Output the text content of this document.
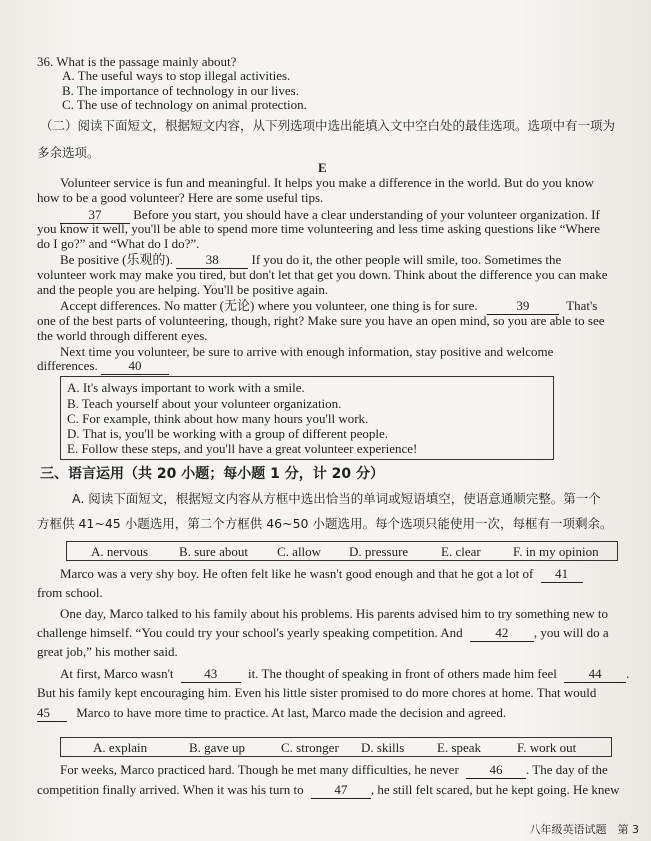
36. What is the passage mainly about?
A. The useful ways to stop illegal activities.
B. The importance of technology in our lives.
C. The use of technology on animal protection.
（二）阅读下面短文，根据短文内容，从下列选项中选出能填入文中空白处的最佳选项。选项中有一项为
多余选项。
E
Volunteer service is fun and meaningful. It helps you make a difference in the world. But do you know
how to be a good volunteer? Here are some useful tips.
37 Before you start, you should have a clear understanding of your volunteer organization. If
you know it well, you'll be able to spend more time volunteering and less time asking questions like “Where
do I go?” and “What do I do?”.
Be positive (乐观的).	38	If you do it, the other people will smile, too. Sometimes the
volunteer work may make you tired, but don't let that get you down. Think about the difference you can make
and the people you are helping. You'll be positive again.
Accept differences. No matter (无论) where you volunteer, one thing is for sure.	39	That's
one of the best parts of volunteering, though, right? Make sure you have an open mind, so you are able to see
the world through different eyes.
Next time you volunteer, be sure to arrive with enough information, stay positive and welcome
differences. 40
A. It's always important to work with a smile.
B. Teach yourself about your volunteer organization.
C. For example, think about how many hours you'll work.
D. That is, you'll be working with a group of different people.
E. Follow these steps, and you'll have a great volunteer experience!
三、语言运用（共 20 小题；每小题 1 分，计 20 分）
A. 阅读下面短文，根据短文内容从方框中选出恰当的单词或短语填空，使语意通顺完整。第一个
方框供 41~45 小题选用，第二个方框供 46~50 小题选用。每个选项只能使用一次，每框有一项剩余。
A. nervous B. sure about C. allow D. pressure	E. clear F. in my opinion
Marco was a very shy boy. He often felt like he wasn't good enough and that he got a lot of 41
from school.
One day, Marco talked to his family about his problems. His parents advised him to try something new to
challenge himself. “You could try your school's yearly speaking competition. And	42 , you will do a
great job,” his mother said.
At first, Marco wasn't 43 it. The thought of speaking in front of others made him feel 44 .
But his family kept encouraging him. Even his little sister promised to do more chores at home. That would
45 Marco to have more time to practice. At last, Marco made the decision and agreed.
A. explain	B. gave up	C. stronger D. skills	E. speak	F. work out
For weeks, Marco practiced hard. Though he met many difficulties, he never 46 . The day of the
competition finally arrived. When it was his turn to 47 , he still felt scared, but he kept going. He knew
八年级英语试题　第 3
